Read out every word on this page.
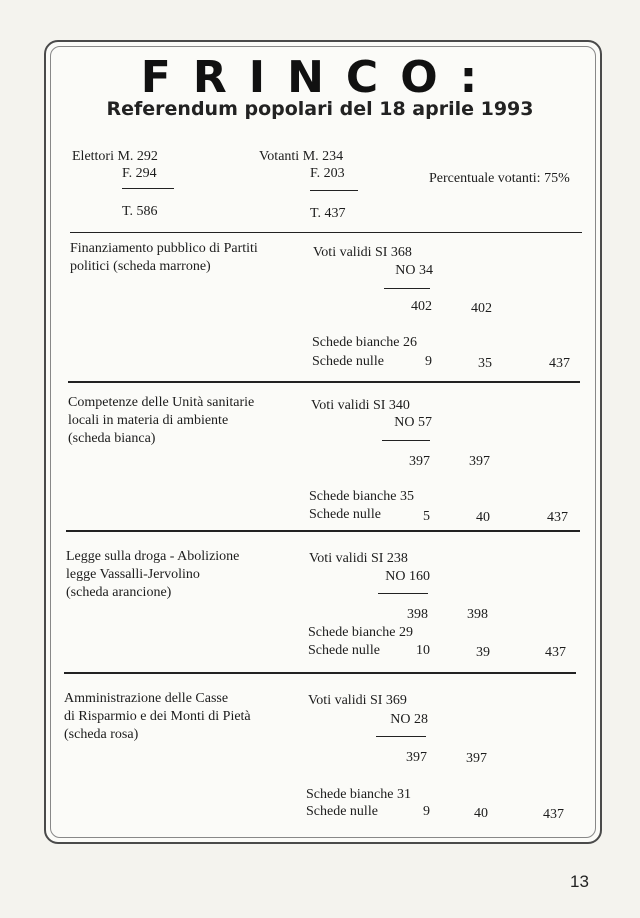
FRINCO:
Referendum popolari del 18 aprile 1993
Elettori M. 292
F. 294
T. 586
Votanti M. 234
F. 203
T. 437
Percentuale votanti: 75%
Finanziamento pubblico di Partiti
politici (scheda marrone)
Voti validi SI 368
NO 34
402	402
Schede bianche 26
Schede nulle	9	35	437
Competenze delle Unità sanitarie
locali in materia di ambiente
(scheda bianca)
Voti validi SI 340
NO 57
397	397
Schede bianche 35
Schede nulle	5	40	437
Legge sulla droga - Abolizione
legge Vassalli-Jervolino
(scheda arancione)
Voti validi SI 238
NO 160
398	398
Schede bianche 29
Schede nulle	10	39	437
Amministrazione delle Casse
di Risparmio e dei Monti di Pietà
(scheda rosa)
Voti validi SI 369
NO 28
397	397
Schede bianche 31
Schede nulle	9	40	437
13
